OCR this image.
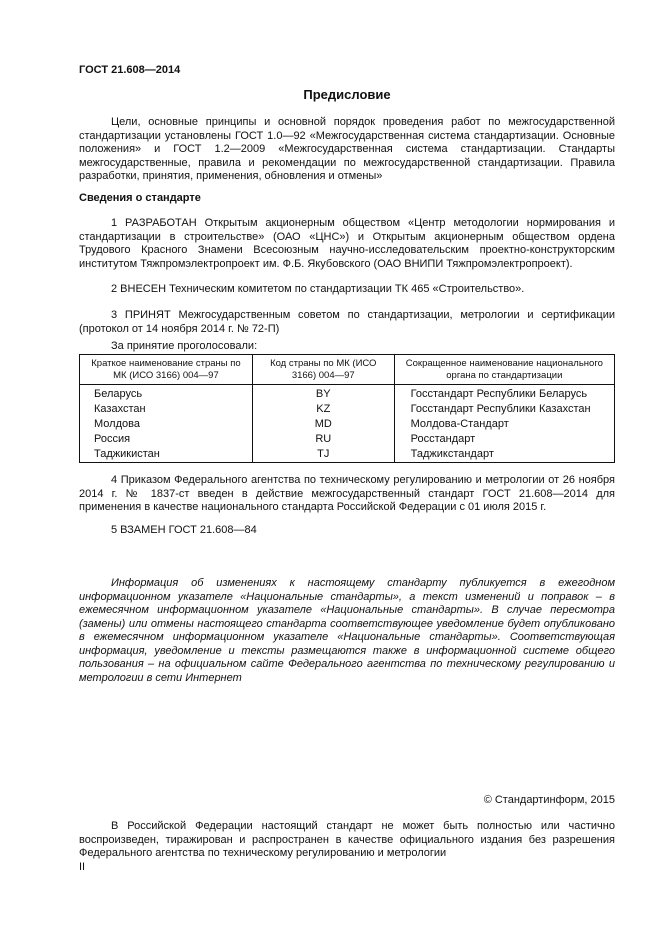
ГОСТ 21.608—2014
Предисловие
Цели, основные принципы и основной порядок проведения работ по межгосударственной стандартизации установлены ГОСТ 1.0—92 «Межгосударственная система стандартизации. Основные положения» и ГОСТ 1.2—2009 «Межгосударственная система стандартизации. Стандарты межгосударственные, правила и рекомендации по межгосударственной стандартизации. Правила разработки, принятия, применения, обновления и отмены»
Сведения о стандарте
1 РАЗРАБОТАН Открытым акционерным обществом «Центр методологии нормирования и стандартизации в строительстве» (ОАО «ЦНС») и Открытым акционерным обществом ордена Трудового Красного Знамени Всесоюзным научно-исследовательским проектно-конструкторским институтом Тяжпромэлектропроект им. Ф.Б. Якубовского (ОАО ВНИПИ Тяжпромэлектропроект).
2 ВНЕСЕН Техническим комитетом по стандартизации ТК 465 «Строительство».
3 ПРИНЯТ Межгосударственным советом по стандартизации, метрологии и сертификации (протокол от 14 ноября 2014 г. № 72-П)
За принятие проголосовали:
Краткое наименование страны по МК (ИСО 3166) 004—97	Код страны по МК (ИСО 3166) 004—97	Сокращенное наименование национального органа по стандартизации
Беларусь	BY	Госстандарт Республики Беларусь
Казахстан	KZ	Госстандарт Республики Казахстан
Молдова	MD	Молдова-Стандарт
Россия	RU	Росстандарт
Таджикистан	TJ	Таджикстандарт
4 Приказом Федерального агентства по техническому регулированию и метрологии от 26 ноября 2014 г. № 1837-ст введен в действие межгосударственный стандарт ГОСТ 21.608—2014 для применения в качестве национального стандарта Российской Федерации с 01 июля 2015 г.
5 ВЗАМЕН ГОСТ 21.608—84
Информация об изменениях к настоящему стандарту публикуется в ежегодном информационном указателе «Национальные стандарты», а текст изменений и поправок – в ежемесячном информационном указателе «Национальные стандарты». В случае пересмотра (замены) или отмены настоящего стандарта соответствующее уведомление будет опубликовано в ежемесячном информационном указателе «Национальные стандарты». Соответствующая информация, уведомление и тексты размещаются также в информационной системе общего пользования – на официальном сайте Федерального агентства по техническому регулированию и метрологии в сети Интернет
© Стандартинформ, 2015
В Российской Федерации настоящий стандарт не может быть полностью или частично воспроизведен, тиражирован и распространен в качестве официального издания без разрешения Федерального агентства по техническому регулированию и метрологии
II
